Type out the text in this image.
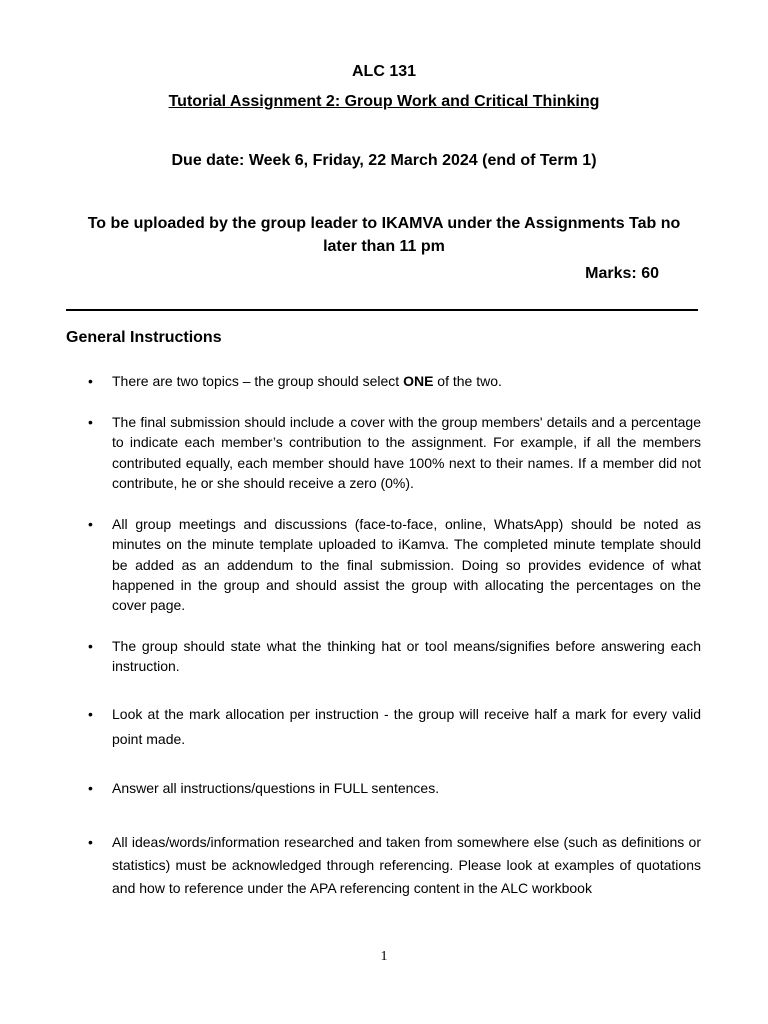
ALC 131
Tutorial Assignment 2: Group Work and Critical Thinking
Due date: Week 6, Friday, 22 March 2024 (end of Term 1)
To be uploaded by the group leader to IKAMVA under the Assignments Tab no later than 11 pm
Marks: 60
General Instructions
• There are two topics – the group should select ONE of the two.
• The final submission should include a cover with the group members' details and a percentage to indicate each member’s contribution to the assignment. For example, if all the members contributed equally, each member should have 100% next to their names. If a member did not contribute, he or she should receive a zero (0%).
• All group meetings and discussions (face-to-face, online, WhatsApp) should be noted as minutes on the minute template uploaded to iKamva. The completed minute template should be added as an addendum to the final submission. Doing so provides evidence of what happened in the group and should assist the group with allocating the percentages on the cover page.
• The group should state what the thinking hat or tool means/signifies before answering each instruction.
• Look at the mark allocation per instruction - the group will receive half a mark for every valid point made.
• Answer all instructions/questions in FULL sentences.
• All ideas/words/information researched and taken from somewhere else (such as definitions or statistics) must be acknowledged through referencing. Please look at examples of quotations and how to reference under the APA referencing content in the ALC workbook
1
